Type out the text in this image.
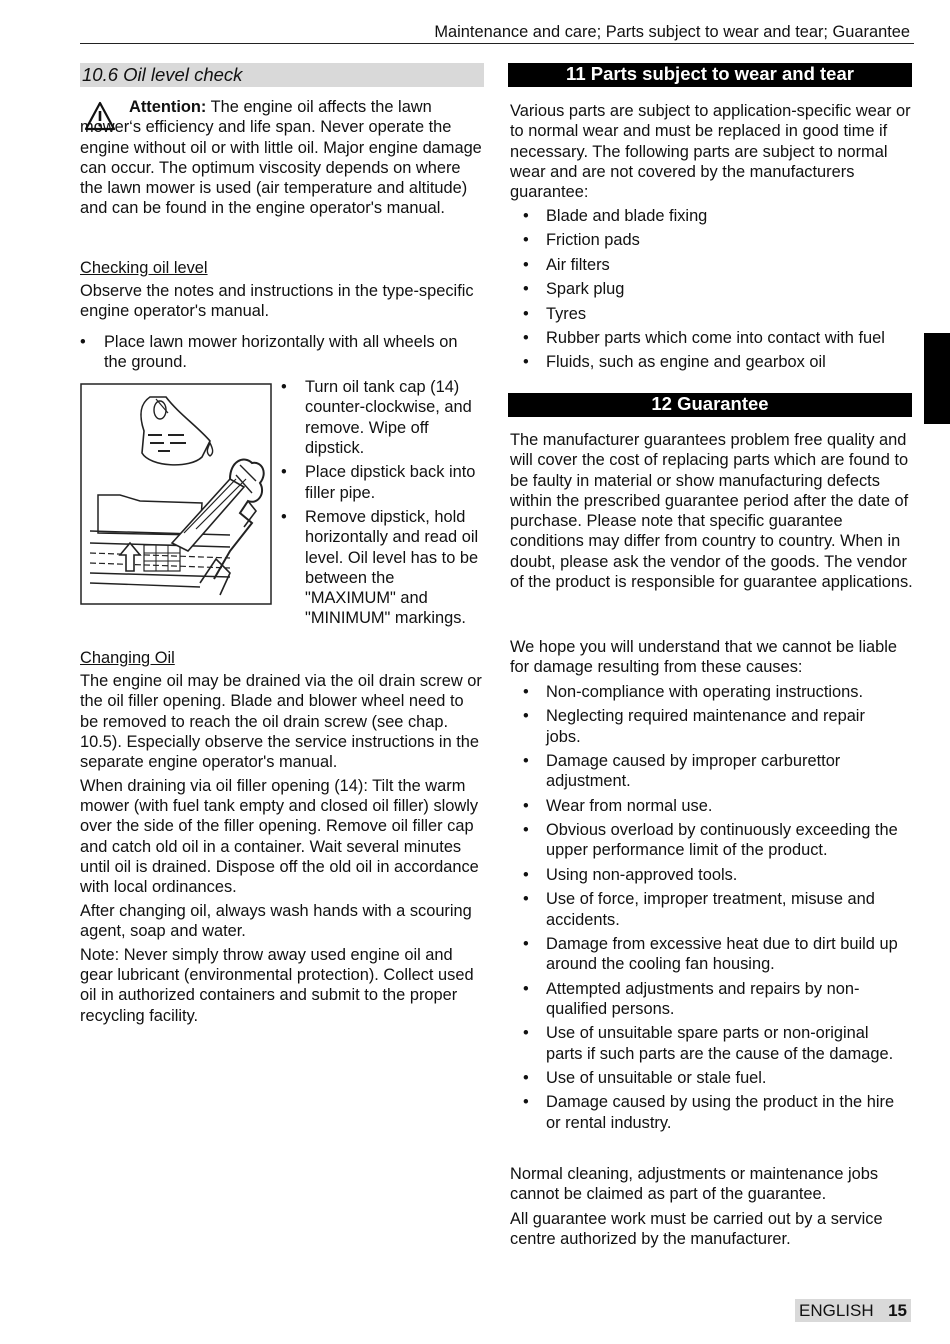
Maintenance and care; Parts subject to wear and tear; Guarantee
10.6 Oil level check

Attention: The engine oil affects the lawn mower‘s efficiency and life span. Never operate the engine without oil or with little oil. Major engine damage can occur. The optimum viscosity depends on where the lawn mower is used (air temperature and altitude) and can be found in the engine operator's manual.

Checking oil level

Observe the notes and instructions in the type-specific engine operator's manual.

• Place lawn mower horizontally with all wheels on the ground.
• Turn oil tank cap (14) counter-clockwise, and remove. Wipe off dipstick.
• Place dipstick back into filler pipe.
• Remove dipstick, hold horizontally and read oil level. Oil level has to be between the "MAXIMUM" and "MINIMUM" markings.

Changing Oil

The engine oil may be drained via the oil drain screw or the oil filler opening. Blade and blower wheel need to be removed to reach the oil drain screw (see chap. 10.5). Especially observe the service instructions in the separate engine operator's manual.

When draining via oil filler opening (14): Tilt the warm mower (with fuel tank empty and closed oil filler) slowly over the side of the filler opening. Remove oil filler cap and catch old oil in a container. Wait several minutes until oil is drained. Dispose off the old oil in accordance with local ordinances.

After changing oil, always wash hands with a scouring agent, soap and water.

Note: Never simply throw away used engine oil and gear lubricant (environmental protection). Collect used oil in authorized containers and submit to the proper recycling facility.

11 Parts subject to wear and tear

Various parts are subject to application-specific wear or to normal wear and must be replaced in good time if necessary. The following parts are subject to normal wear and are not covered by the manufacturers guarantee:

• Blade and blade fixing
• Friction pads
• Air filters
• Spark plug
• Tyres
• Rubber parts which come into contact with fuel
• Fluids, such as engine and gearbox oil
12 Guarantee

The manufacturer guarantees problem free quality and will cover the cost of replacing parts which are found to be faulty in material or show manufacturing defects within the prescribed guarantee period after the date of purchase. Please note that specific guarantee conditions may differ from country to country. When in doubt, please ask the vendor of the goods. The vendor of the product is responsible for guarantee applications.

We hope you will understand that we cannot be liable for damage resulting from these causes:

• Non-compliance with operating instructions.
• Neglecting required maintenance and repair jobs.
• Damage caused by improper carburettor adjustment.
• Wear from normal use.
• Obvious overload by continuously exceeding the upper performance limit of the product.
• Using non-approved tools.
• Use of force, improper treatment, misuse and accidents.
• Damage from excessive heat due to dirt build up around the cooling fan housing.
• Attempted adjustments and repairs by non-qualified persons.
• Use of unsuitable spare parts or non-original parts if such parts are the cause of the damage.
• Use of unsuitable or stale fuel.
• Damage caused by using the product in the hire or rental industry.

Normal cleaning, adjustments or maintenance jobs cannot be claimed as part of the guarantee.

All guarantee work must be carried out by a service centre authorized by the manufacturer.

ENGLISH 15
